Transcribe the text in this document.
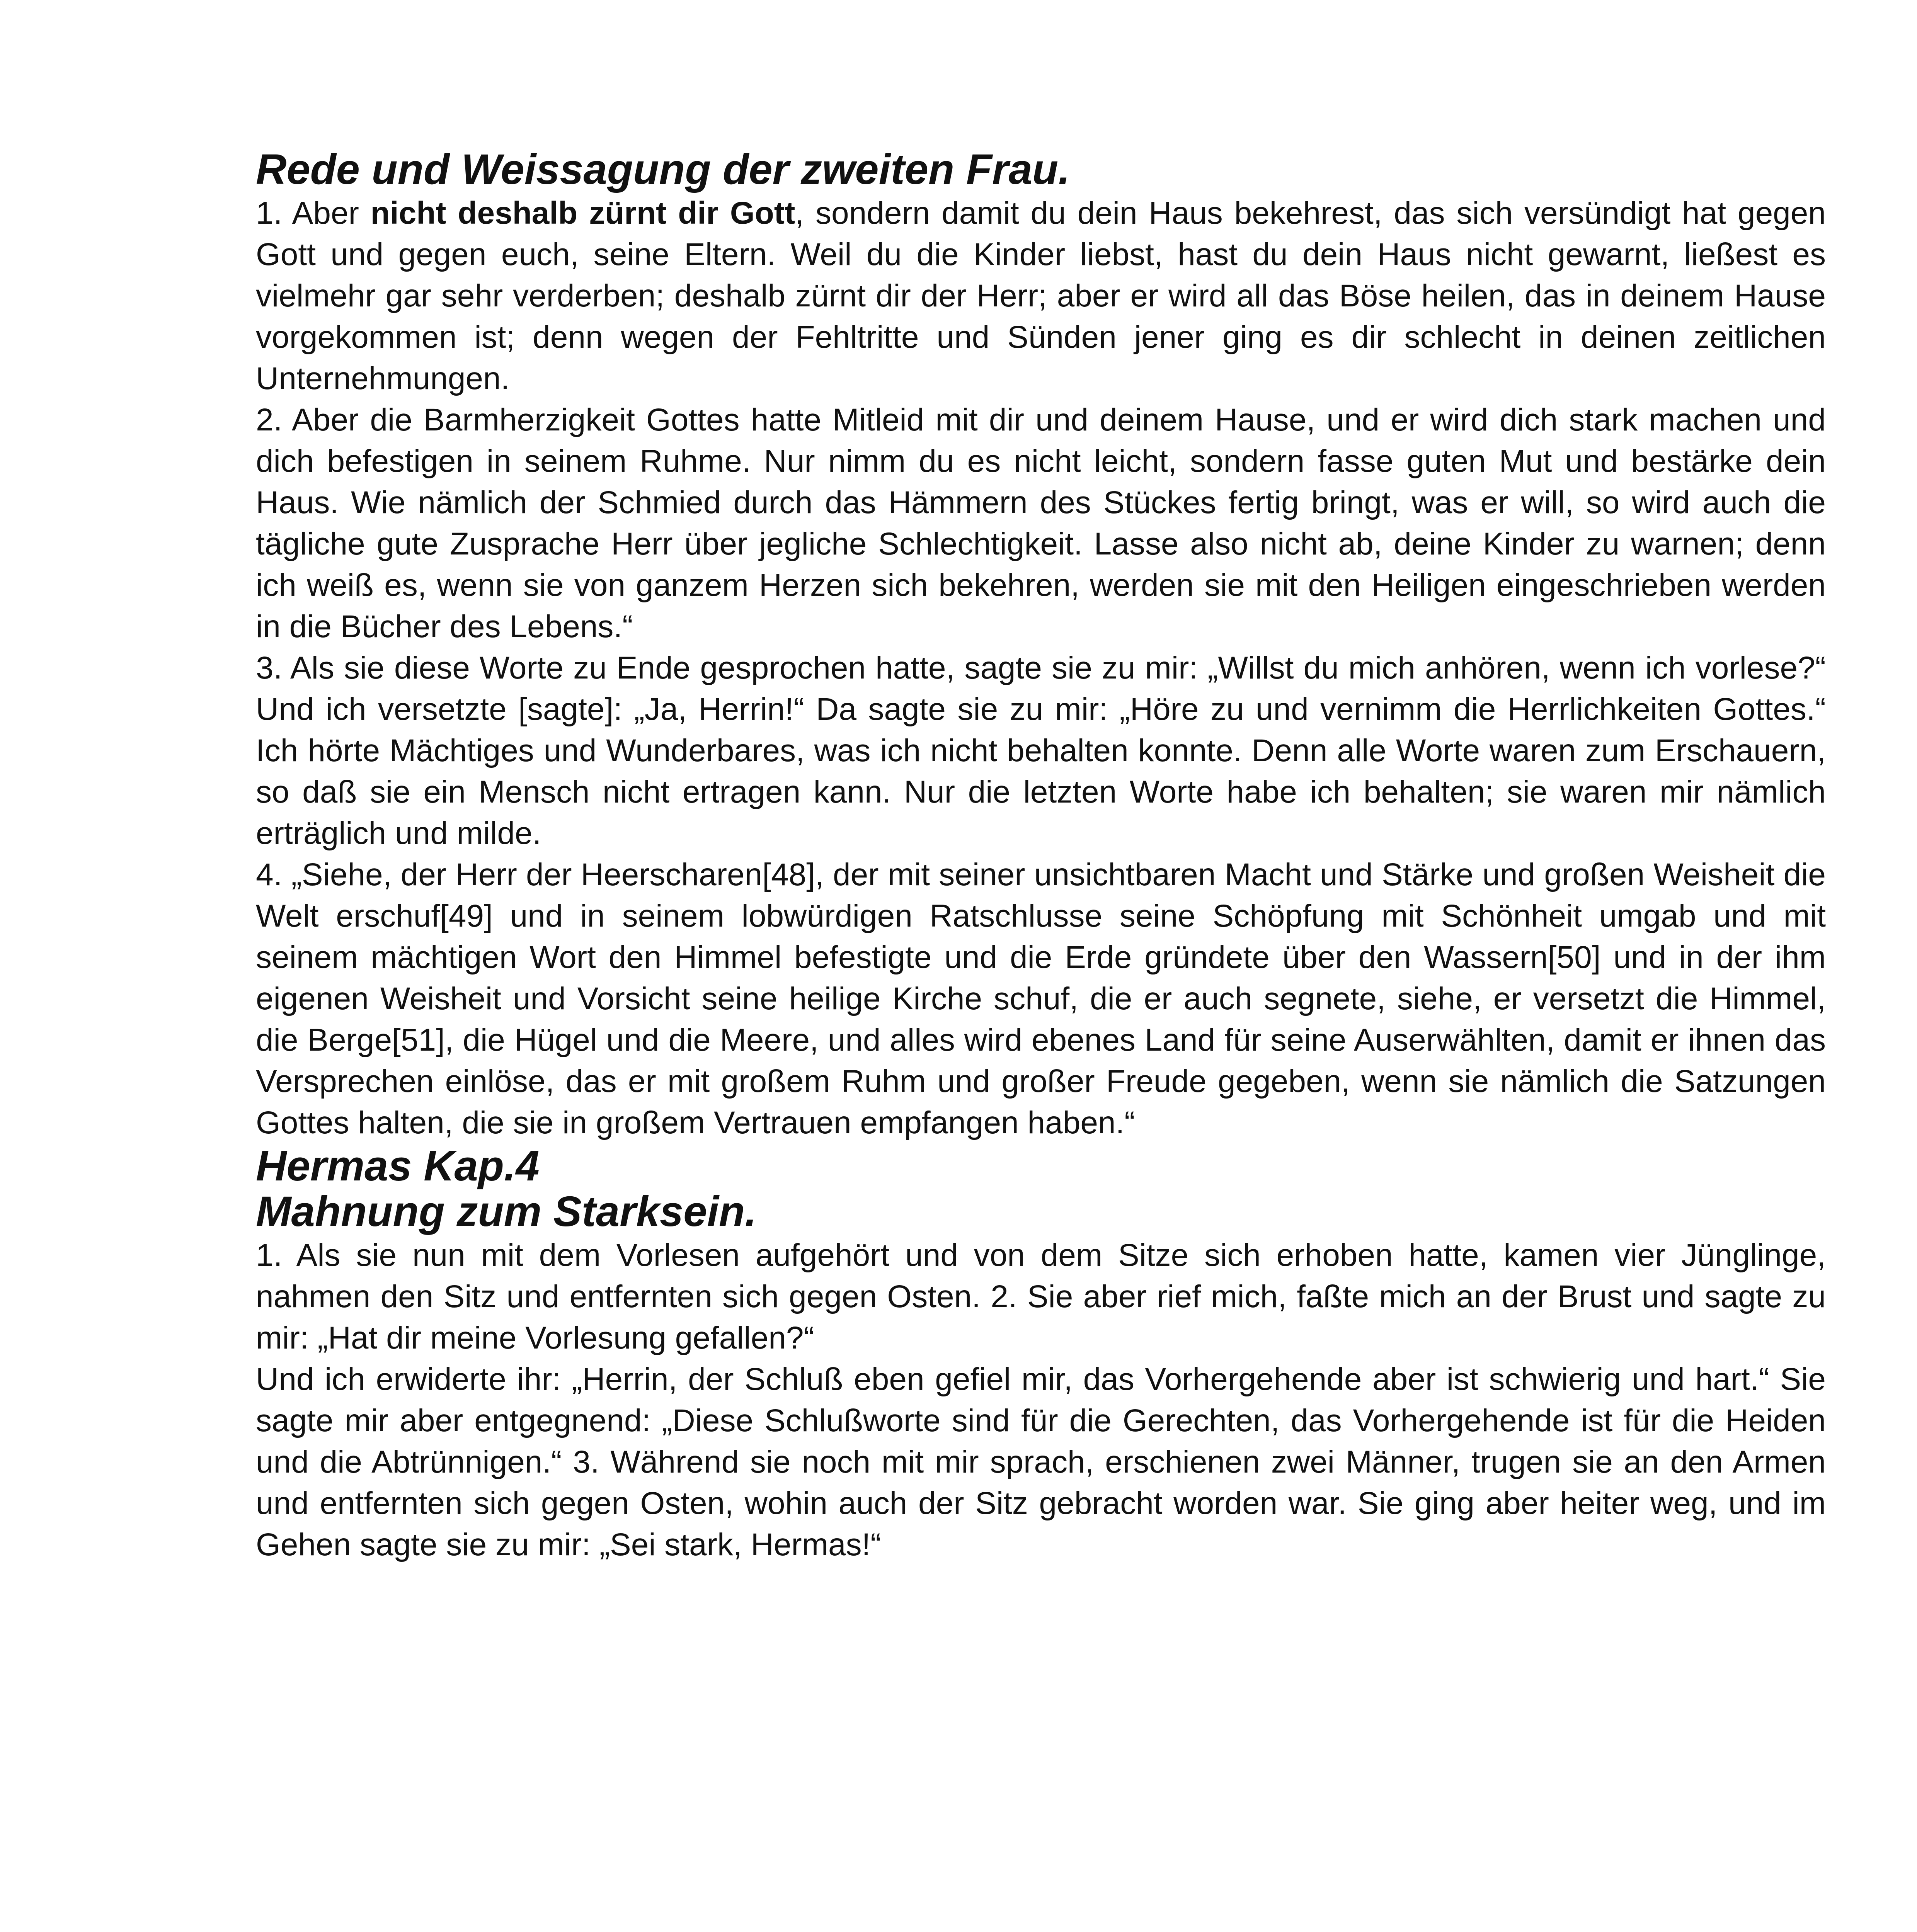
Rede und Weissagung der zweiten Frau.

1. Aber nicht deshalb zürnt dir Gott, sondern damit du dein Haus bekehrest, das sich versündigt hat gegen Gott und gegen euch, seine Eltern. Weil du die Kinder liebst, hast du dein Haus nicht gewarnt, ließest es vielmehr gar sehr verderben; deshalb zürnt dir der Herr; aber er wird all das Böse heilen, das in deinem Hause vorgekommen ist; denn wegen der Fehltritte und Sünden jener ging es dir schlecht in deinen zeitlichen Unternehmungen.

2. Aber die Barmherzigkeit Gottes hatte Mitleid mit dir und deinem Hause, und er wird dich stark machen und dich befestigen in seinem Ruhme. Nur nimm du es nicht leicht, sondern fasse guten Mut und bestärke dein Haus. Wie nämlich der Schmied durch das Hämmern des Stückes fertig bringt, was er will, so wird auch die tägliche gute Zusprache Herr über jegliche Schlechtigkeit. Lasse also nicht ab, deine Kinder zu warnen; denn ich weiß es, wenn sie von ganzem Herzen sich bekehren, werden sie mit den Heiligen eingeschrieben werden in die Bücher des Lebens.“

3. Als sie diese Worte zu Ende gesprochen hatte, sagte sie zu mir: „Willst du mich anhören, wenn ich vorlese?“ Und ich versetzte [sagte]: „Ja, Herrin!“ Da sagte sie zu mir: „Höre zu und vernimm die Herrlichkeiten Gottes.“ Ich hörte Mächtiges und Wunderbares, was ich nicht behalten konnte. Denn alle Worte waren zum Erschauern, so daß sie ein Mensch nicht ertragen kann. Nur die letzten Worte habe ich behalten; sie waren mir nämlich erträglich und milde.

4. „Siehe, der Herr der Heerscharen[48], der mit seiner unsichtbaren Macht und Stärke und großen Weisheit die Welt erschuf[49] und in seinem lobwürdigen Ratschlusse seine Schöpfung mit Schönheit umgab und mit seinem mächtigen Wort den Himmel befestigte und die Erde gründete über den Wassern[50] und in der ihm eigenen Weisheit und Vorsicht seine heilige Kirche schuf, die er auch segnete, siehe, er versetzt die Himmel, die Berge[51], die Hügel und die Meere, und alles wird ebenes Land für seine Auserwählten, damit er ihnen das Versprechen einlöse, das er mit großem Ruhm und großer Freude gegeben, wenn sie nämlich die Satzungen Gottes halten, die sie in großem Vertrauen empfangen haben.“

Hermas Kap.4
Mahnung zum Starksein.

1. Als sie nun mit dem Vorlesen aufgehört und von dem Sitze sich erhoben hatte, kamen vier Jünglinge, nahmen den Sitz und entfernten sich gegen Osten. 2. Sie aber rief mich, faßte mich an der Brust und sagte zu mir: „Hat dir meine Vorlesung gefallen?“

Und ich erwiderte ihr: „Herrin, der Schluß eben gefiel mir, das Vorhergehende aber ist schwierig und hart.“ Sie sagte mir aber entgegnend: „Diese Schlußworte sind für die Gerechten, das Vorhergehende ist für die Heiden und die Abtrünnigen.“ 3. Während sie noch mit mir sprach, erschienen zwei Männer, trugen sie an den Armen und entfernten sich gegen Osten, wohin auch der Sitz gebracht worden war. Sie ging aber heiter weg, und im Gehen sagte sie zu mir: „Sei stark, Hermas!“
